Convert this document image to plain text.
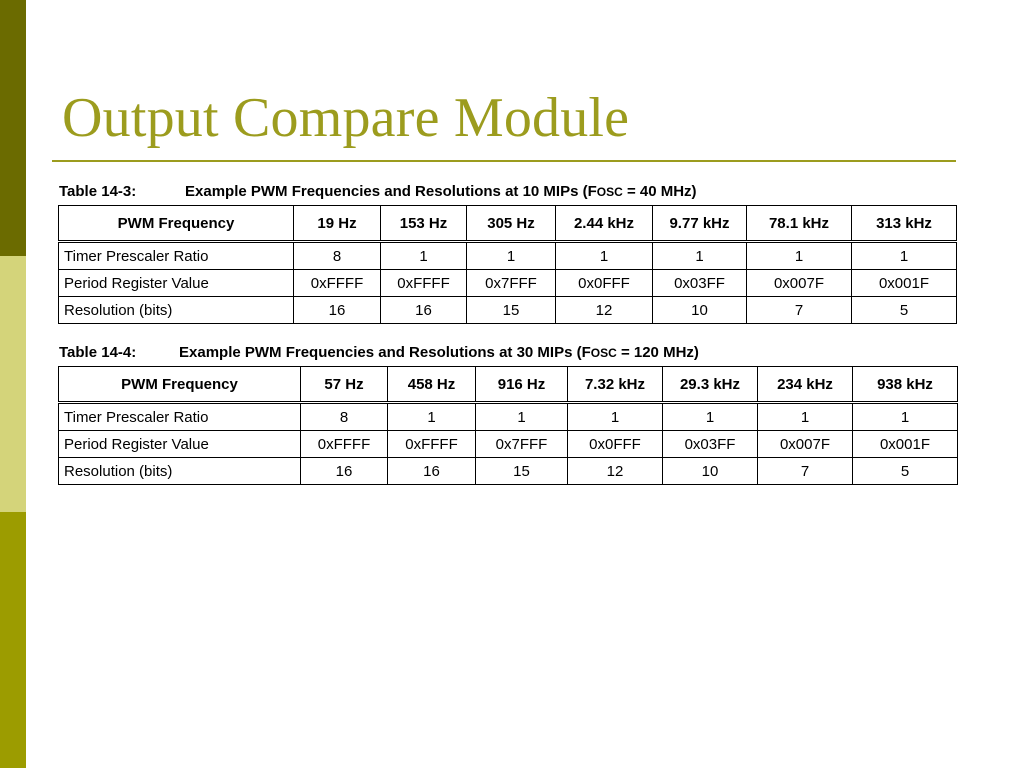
Output Compare Module
Table 14-3:	Example PWM Frequencies and Resolutions at 10 MIPs (FOSC = 40 MHz)
PWM Frequency	19 Hz	153 Hz	305 Hz	2.44 kHz	9.77 kHz	78.1 kHz	313 kHz
Timer Prescaler Ratio	8	1	1	1	1	1	1
Period Register Value	0xFFFF	0xFFFF	0x7FFF	0x0FFF	0x03FF	0x007F	0x001F
Resolution (bits)	16	16	15	12	10	7	5
Table 14-4:	Example PWM Frequencies and Resolutions at 30 MIPs (FOSC = 120 MHz)
PWM Frequency	57 Hz	458 Hz	916 Hz	7.32 kHz	29.3 kHz	234 kHz	938 kHz
Timer Prescaler Ratio	8	1	1	1	1	1	1
Period Register Value	0xFFFF	0xFFFF	0x7FFF	0x0FFF	0x03FF	0x007F	0x001F
Resolution (bits)	16	16	15	12	10	7	5
